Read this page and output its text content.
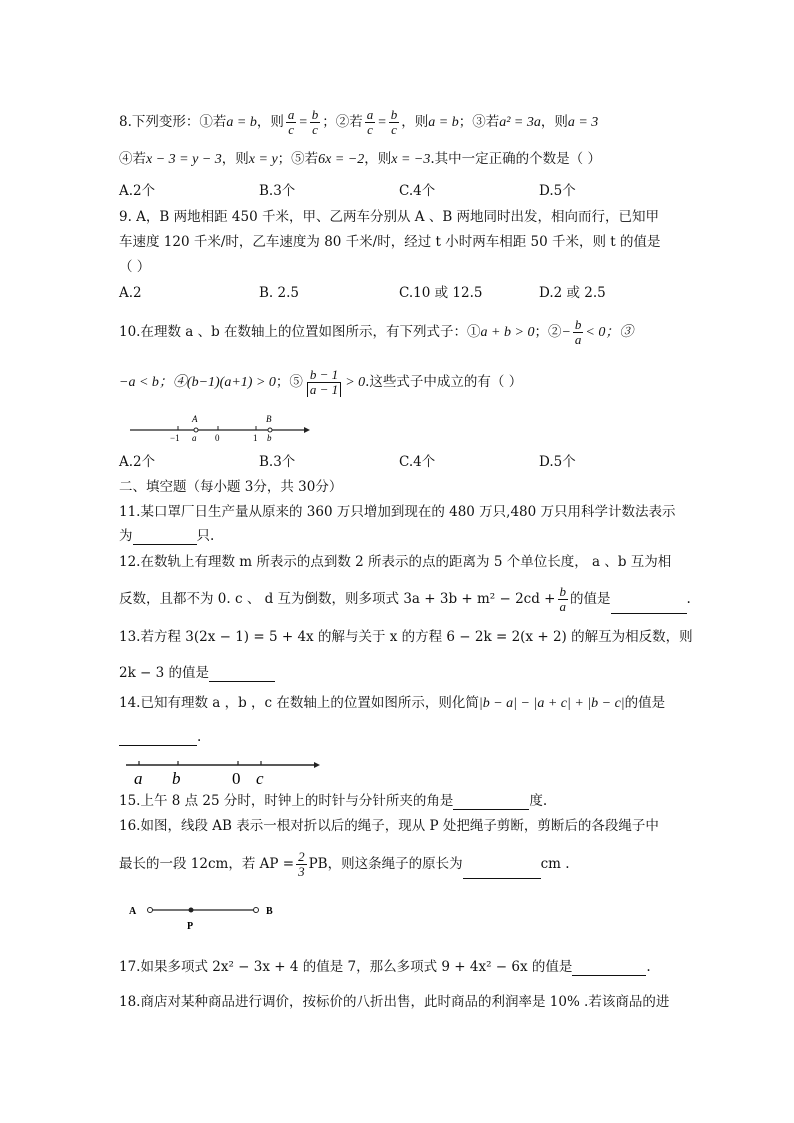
8.下列变形：①若a = b，则 $\frac{a}{c} = \frac{b}{c}$ ；②若 $\frac{a}{c} = \frac{b}{c}$ ，则a = b；③若a² = 3a，则a = 3
④若x − 3 = y − 3，则x = y；⑤若6x = −2，则x = −3.其中一定正确的个数是（ ）
A.2个	B.3个	C.4个	D.5个
9. A，B 两地相距 450 千米，甲、乙两车分别从 A 、B 两地同时出发，相向而行，已知甲
车速度 120 千米/时，乙车速度为 80 千米/时，经过 t 小时两车相距 50 千米，则 t 的值是
（ ）
A.2	B. 2.5	C.10 或 12.5	D.2 或 2.5
10.在理数 a 、b 在数轴上的位置如图所示，有下列式子：①a + b > 0；②− $\frac{b}{a} < 0$；③
−a < b；④(b−1)(a+1) > 0；⑤ $\frac{b - 1}{a - 1} > 0$.这些式子中成立的有（ ）
A	B
−1 a 0	1 b
A.2个	B.3个	C.4个	D.5个
二、填空题（每小题 3分，共 30分）
11.某口罩厂日生产量从原来的 360 万只增加到现在的 480 万只,480 万只用科学计数法表示
为	只.
12.在数轨上有理数 m 所表示的点到数 2 所表示的点的距离为 5 个单位长度， a 、b 互为相
反数，且都不为 0. c 、 d 互为倒数，则多项式 $3a + 3b + m^2 - 2cd + \frac{b}{a}$ 的值是	.
13.若方程 3(2x − 1) = 5 + 4x 的解与关于 x 的方程 6 − 2k = 2(x + 2) 的解互为相反数，则
2k − 3 的值是
14.已知有理数 a ，b ，c 在数轴上的位置如图所示，则化简|b − a| − |a + c| + |b − c|的值是
.
a b	0 c
15.上午 8 点 25 分时，时钟上的时针与分针所夹的角是	度.
16.如图，线段 AB 表示一根对折以后的绳子，现从 P 处把绳子剪断，剪断后的各段绳子中
最长的一段 12cm，若 AP = $\frac{2}{3}$ PB，则这条绳子的原长为	cm .
A
P
B
17.如果多项式 2x² − 3x + 4 的值是 7，那么多项式 9 + 4x² − 6x 的值是	.
18.商店对某种商品进行调价，按标价的八折出售，此时商品的利润率是 10% .若该商品的进
